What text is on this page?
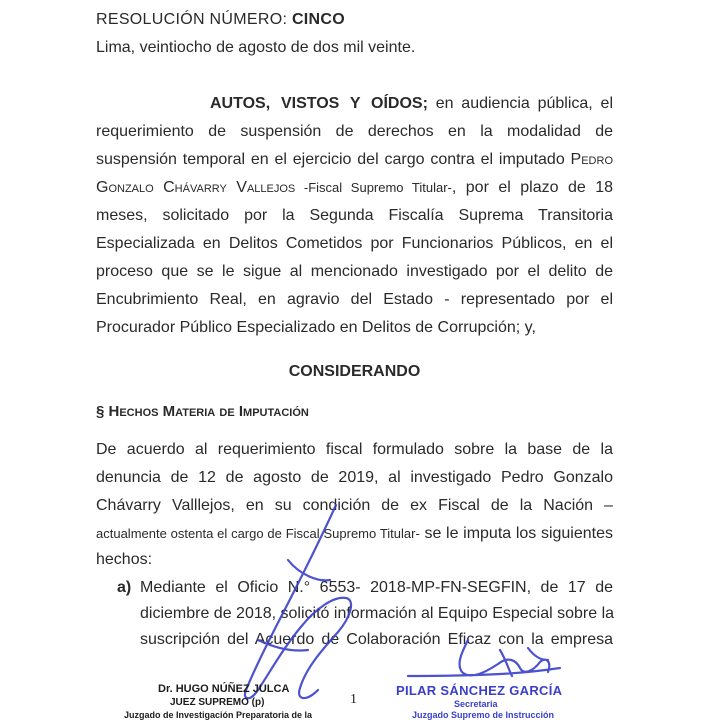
RESOLUCIÓN NÚMERO: CINCO
Lima, veintiocho de agosto de dos mil veinte.
AUTOS, VISTOS Y OÍDOS; en audiencia pública, el
requerimiento de suspensión de derechos en la modalidad de
suspensión temporal en el ejercicio del cargo contra el imputado Pedro
Gonzalo Chávarry Vallejos -Fiscal Supremo Titular-, por el plazo de 18
meses, solicitado por la Segunda Fiscalía Suprema Transitoria
Especializada en Delitos Cometidos por Funcionarios Públicos, en el
proceso que se le sigue al mencionado investigado por el delito de
Encubrimiento Real, en agravio del Estado - representado por el
Procurador Público Especializado en Delitos de Corrupción; y,
CONSIDERANDO
§ Hechos Materia de Imputación
De acuerdo al requerimiento fiscal formulado sobre la base de la
denuncia de 12 de agosto de 2019, al investigado Pedro Gonzalo
Chávarry Valllejos, en su condición de ex Fiscal de la Nación –
actualmente ostenta el cargo de Fiscal Supremo Titular- se le imputa los siguientes
hechos:
a) Mediante el Oficio N.° 6553- 2018-MP-FN-SEGFIN, de 17 de
diciembre de 2018, solicitó información al Equipo Especial sobre la
suscripción del Acuerdo de Colaboración Eficaz con la empresa
Dr. HUGO NÚÑEZ JULCA
JUEZ SUPREMO (p)
Juzgado de Investigación Preparatoria de la
1
PILAR SÁNCHEZ GARCÍA
Secretaria
Juzgado Supremo de Instrucción
